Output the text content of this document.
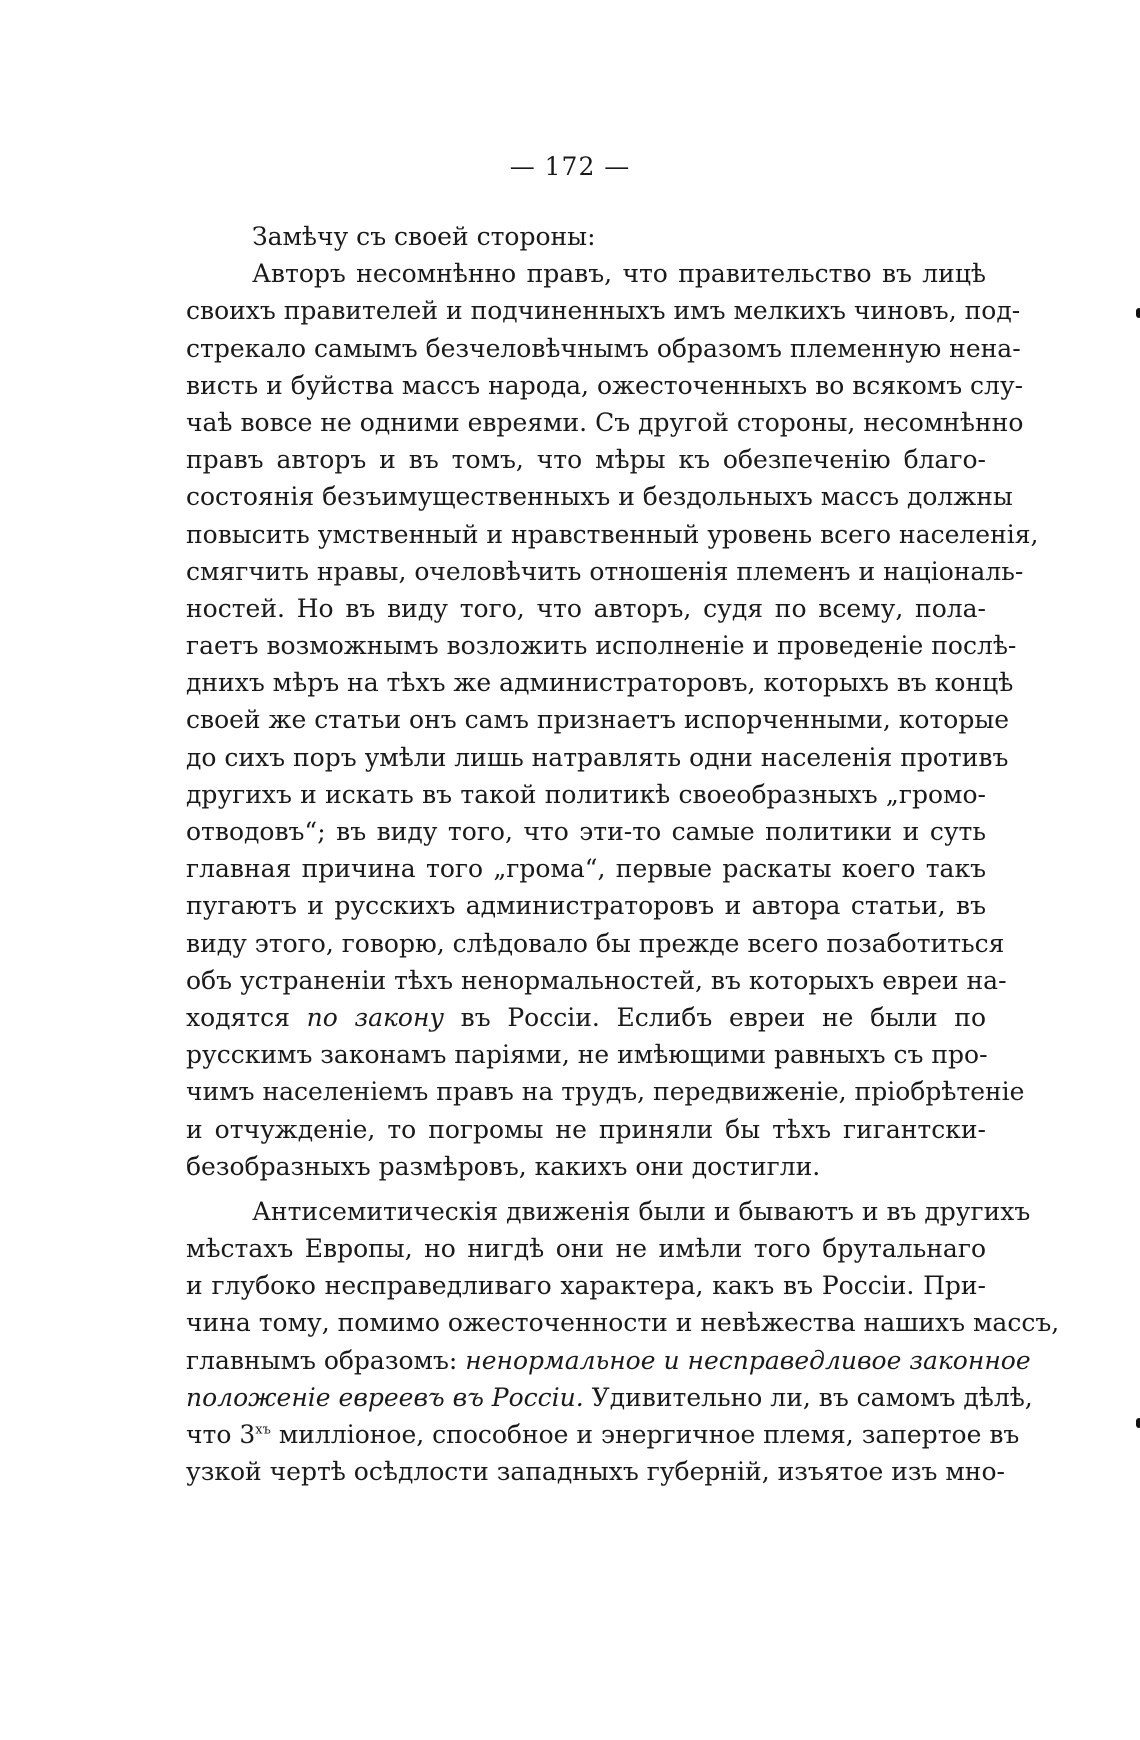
— 172 —
Замѣчу съ своей стороны:
Авторъ несомнѣнно правъ, что правительство въ лицѣ
своихъ правителей и подчиненныхъ имъ мелкихъ чиновъ, под-
стрекало самымъ безчеловѣчнымъ образомъ племенную нена-
висть и буйства массъ народа, ожесточенныхъ во всякомъ слу-
чаѣ вовсе не одними евреями. Съ другой стороны, несомнѣнно
правъ авторъ и въ томъ, что мѣры къ обезпеченію благо-
состоянія безъимущественныхъ и бездольныхъ массъ должны
повысить умственный и нравственный уровень всего населенія,
смягчить нравы, очеловѣчить отношенія племенъ и національ-
ностей. Но въ виду того, что авторъ, судя по всему, пола-
гаетъ возможнымъ возложить исполненіе и проведеніе послѣ-
днихъ мѣръ на тѣхъ же администраторовъ, которыхъ въ концѣ
своей же статьи онъ самъ признаетъ испорченными, которые
до сихъ поръ умѣли лишь натравлять одни населенія противъ
другихъ и искать въ такой политикѣ своеобразныхъ „громо-
отводовъ“; въ виду того, что эти-то самые политики и суть
главная причина того „грома“, первые раскаты коего такъ
пугаютъ и русскихъ администраторовъ и автора статьи, въ
виду этого, говорю, слѣдовало бы прежде всего позаботиться
объ устраненіи тѣхъ ненормальностей, въ которыхъ евреи на-
ходятся по закону въ Россіи. Еслибъ евреи не были по
русскимъ законамъ паріями, не имѣющими равныхъ съ про-
чимъ населеніемъ правъ на трудъ, передвиженіе, пріобрѣтеніе
и отчужденіе, то погромы не приняли бы тѣхъ гигантски-
безобразныхъ размѣровъ, какихъ они достигли.
Антисемитическія движенія были и бываютъ и въ другихъ
мѣстахъ Европы, но нигдѣ они не имѣли того брутальнаго
и глубоко несправедливаго характера, какъ въ Россіи. При-
чина тому, помимо ожесточенности и невѣжества нашихъ массъ,
главнымъ образомъ: ненормальное и несправедливое законное
положеніе евреевъ въ Россіи. Удивительно ли, въ самомъ дѣлѣ,
что $3^{хъ}$ милліоное, способное и энергичное племя, запертое въ
узкой чертѣ осѣдлости западныхъ губерній, изъятое изъ мно-
